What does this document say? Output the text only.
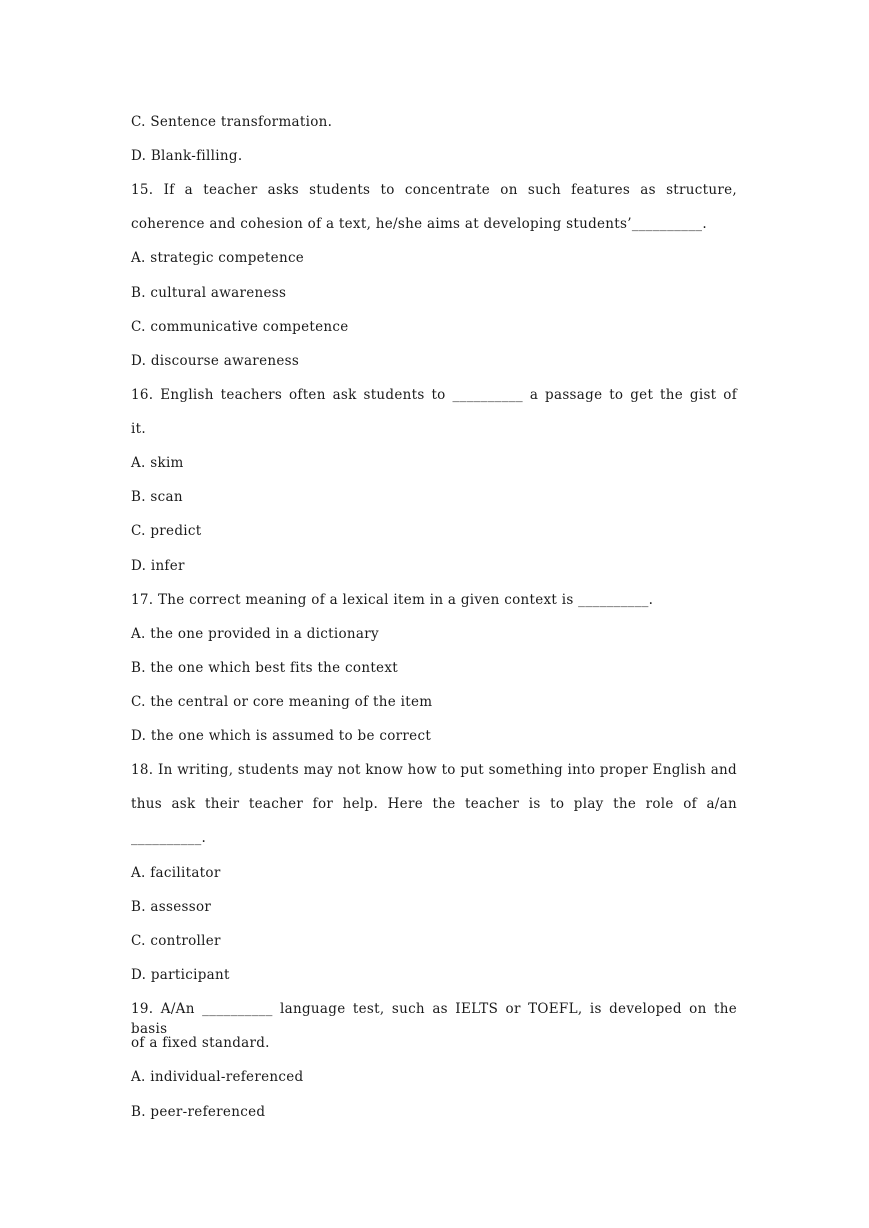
C. Sentence transformation.
D. Blank-filling.
15. If a teacher asks students to concentrate on such features as structure,
coherence and cohesion of a text, he/she aims at developing students’__________.
A. strategic competence
B. cultural awareness
C. communicative competence
D. discourse awareness
16. English teachers often ask students to __________ a passage to get the gist of
it.
A. skim
B. scan
C. predict
D. infer
17. The correct meaning of a lexical item in a given context is __________.
A. the one provided in a dictionary
B. the one which best fits the context
C. the central or core meaning of the item
D. the one which is assumed to be correct
18. In writing, students may not know how to put something into proper English and
thus ask their teacher for help. Here the teacher is to play the role of a/an
__________.
A. facilitator
B. assessor
C. controller
D. participant
19. A/An __________ language test, such as IELTS or TOEFL, is developed on the basis
of a fixed standard.
A. individual-referenced
B. peer-referenced
